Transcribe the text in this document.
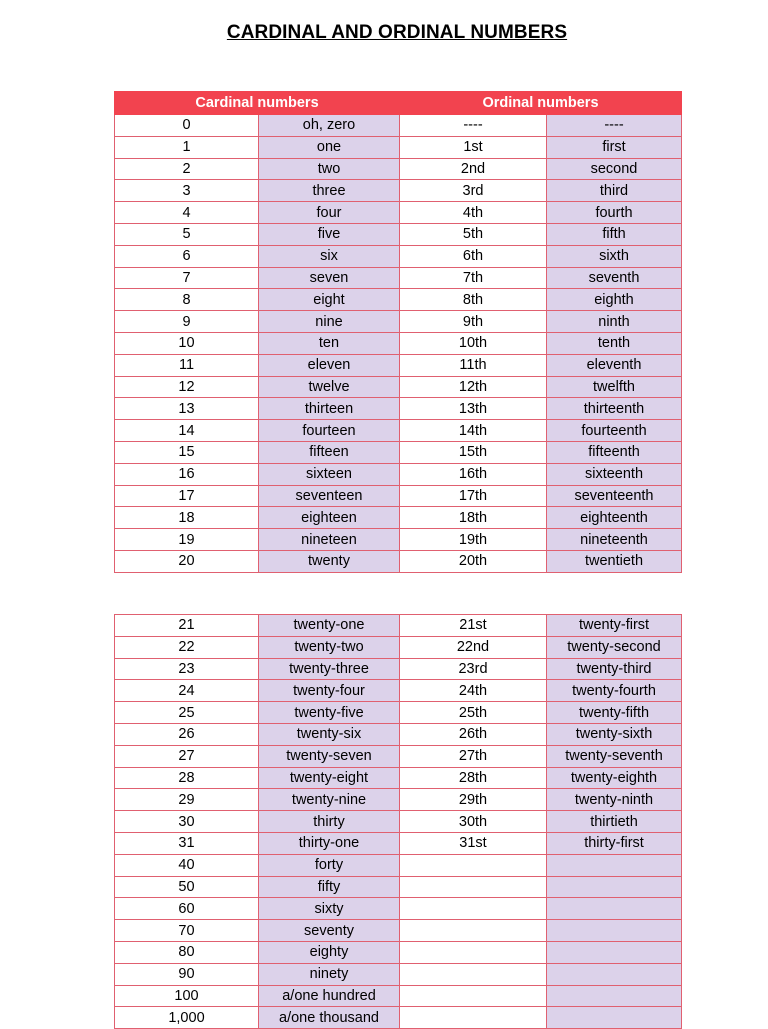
CARDINAL AND ORDINAL NUMBERS
Cardinal numbers		Ordinal numbers	
0	oh, zero	----	----
1	one	1st	first
2	two	2nd	second
3	three	3rd	third
4	four	4th	fourth
5	five	5th	fifth
6	six	6th	sixth
7	seven	7th	seventh
8	eight	8th	eighth
9	nine	9th	ninth
10	ten	10th	tenth
11	eleven	11th	eleventh
12	twelve	12th	twelfth
13	thirteen	13th	thirteenth
14	fourteen	14th	fourteenth
15	fifteen	15th	fifteenth
16	sixteen	16th	sixteenth
17	seventeen	17th	seventeenth
18	eighteen	18th	eighteenth
19	nineteen	19th	nineteenth
20	twenty	20th	twentieth
21	twenty-one	21st	twenty-first
22	twenty-two	22nd	twenty-second
23	twenty-three	23rd	twenty-third
24	twenty-four	24th	twenty-fourth
25	twenty-five	25th	twenty-fifth
26	twenty-six	26th	twenty-sixth
27	twenty-seven	27th	twenty-seventh
28	twenty-eight	28th	twenty-eighth
29	twenty-nine	29th	twenty-ninth
30	thirty	30th	thirtieth
31	thirty-one	31st	thirty-first
40	forty		
50	fifty		
60	sixty		
70	seventy		
80	eighty		
90	ninety		
100	a/one hundred		
1,000	a/one thousand		
